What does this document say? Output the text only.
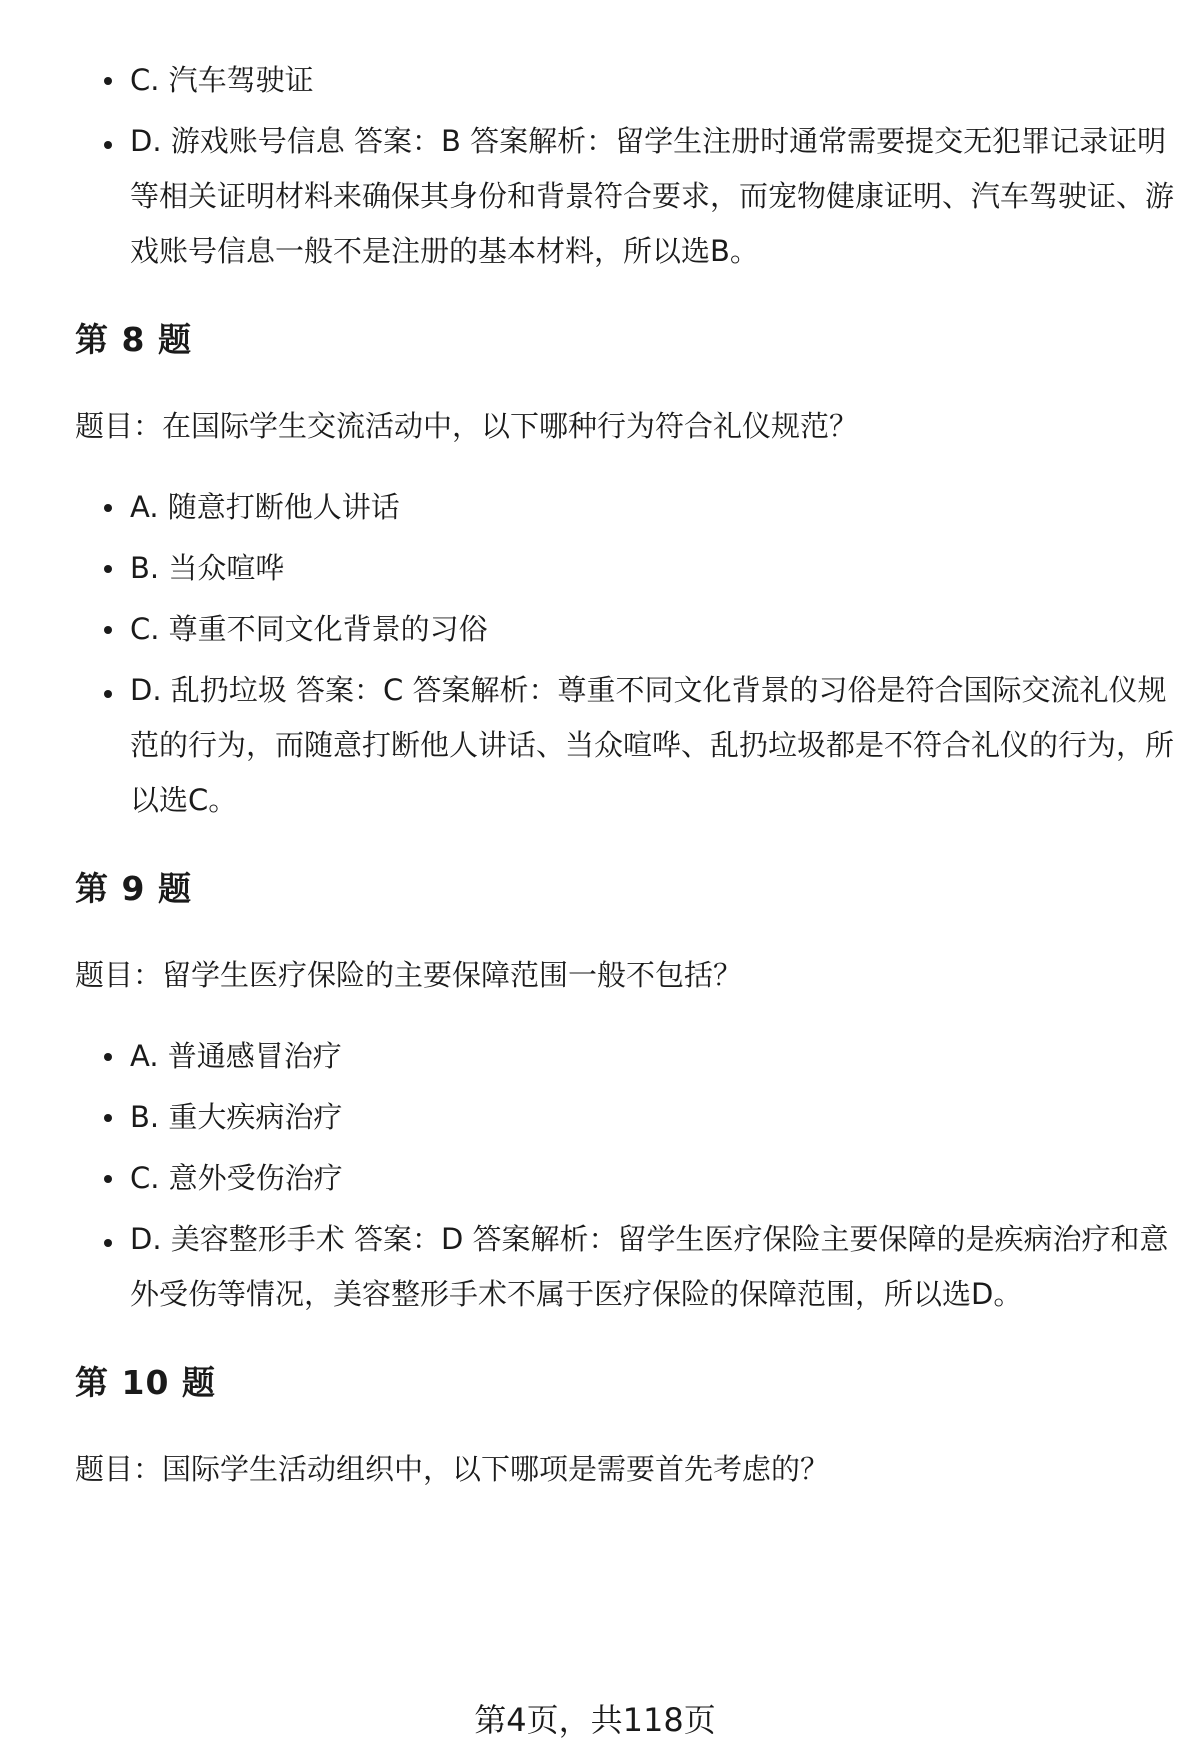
C. 汽车驾驶证
D. 游戏账号信息 答案：B 答案解析：留学生注册时通常需要提交无犯罪记录证明等相关证明材料来确保其身份和背景符合要求，而宠物健康证明、汽车驾驶证、游戏账号信息一般不是注册的基本材料，所以选B。
第 8 题

题目：在国际学生交流活动中，以下哪种行为符合礼仪规范？

A. 随意打断他人讲话
B. 当众喧哗
C. 尊重不同文化背景的习俗
D. 乱扔垃圾 答案：C 答案解析：尊重不同文化背景的习俗是符合国际交流礼仪规范的行为，而随意打断他人讲话、当众喧哗、乱扔垃圾都是不符合礼仪的行为，所以选C。
第 9 题

题目：留学生医疗保险的主要保障范围一般不包括？

A. 普通感冒治疗
B. 重大疾病治疗
C. 意外受伤治疗
D. 美容整形手术 答案：D 答案解析：留学生医疗保险主要保障的是疾病治疗和意外受伤等情况，美容整形手术不属于医疗保险的保障范围，所以选D。
第 10 题

题目：国际学生活动组织中，以下哪项是需要首先考虑的？

第4页，共118页
